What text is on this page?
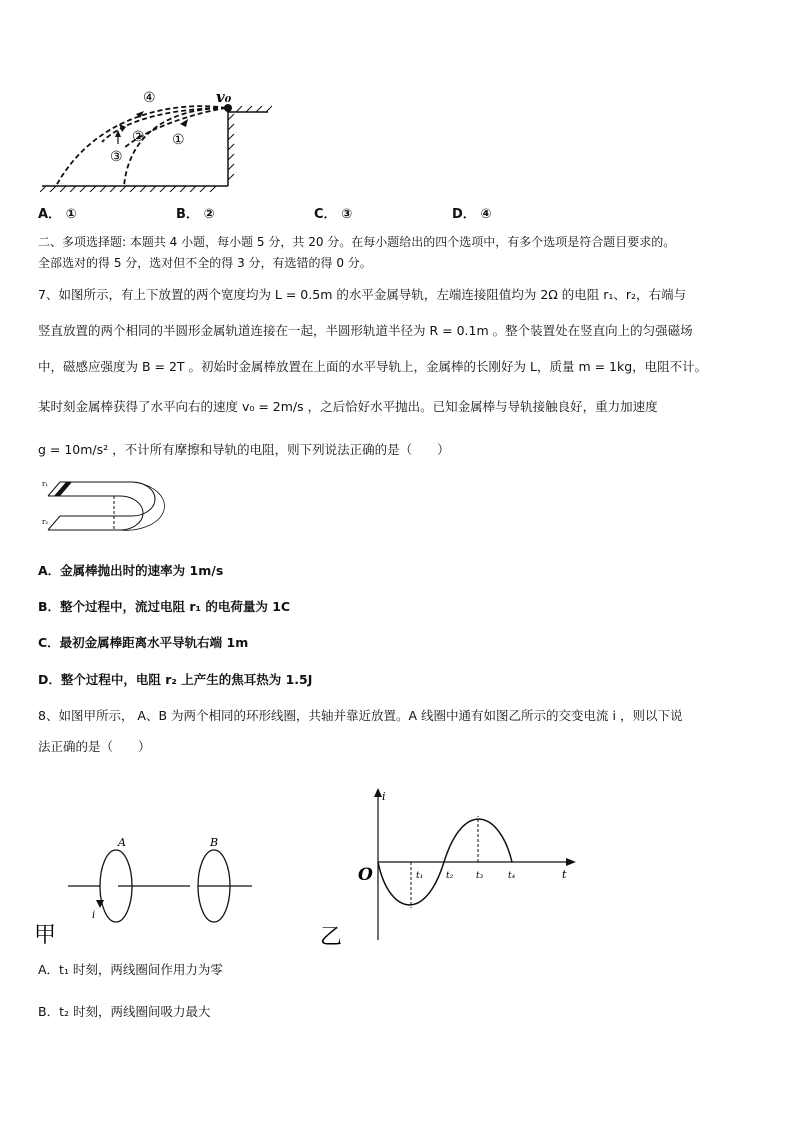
v₀
④
② ①
③
A． ①	B． ②	C． ③	D． ④
二、多项选择题: 本题共 4 小题，每小题 5 分，共 20 分。在每小题给出的四个选项中，有多个选项是符合题目要求的。
全部选对的得 5 分，选对但不全的得 3 分，有选错的得 0 分。
7、如图所示，有上下放置的两个宽度均为 L = 0.5m 的水平金属导轨，左端连接阻值均为 2Ω 的电阻 r₁、r₂，右端与
竖直放置的两个相同的半圆形金属轨道连接在一起，半圆形轨道半径为 R = 0.1m 。整个装置处在竖直向上的匀强磁场
中，磁感应强度为 B = 2T 。初始时金属棒放置在上面的水平导轨上，金属棒的长刚好为 L，质量 m = 1kg，电阻不计。
某时刻金属棒获得了水平向右的速度 v₀ = 2m/s ，之后恰好水平抛出。已知金属棒与导轨接触良好，重力加速度
g = 10m/s² ，不计所有摩擦和导轨的电阻，则下列说法正确的是（　　）
r₁
r₂
A．金属棒抛出时的速率为 1m/s
B．整个过程中，流过电阻 r₁ 的电荷量为 1C
C．最初金属棒距离水平导轨右端 1m
D．整个过程中，电阻 r₂ 上产生的焦耳热为 1.5J
8、如图甲所示， A、B 为两个相同的环形线圈，共轴并靠近放置。A 线圈中通有如图乙所示的交变电流 i ，则以下说
法正确的是（　　）
A	B
i
甲
i
t
O	t₁	t₂	t₃	t₄
乙
A．t₁ 时刻，两线圈间作用力为零
B．t₂ 时刻，两线圈间吸力最大
